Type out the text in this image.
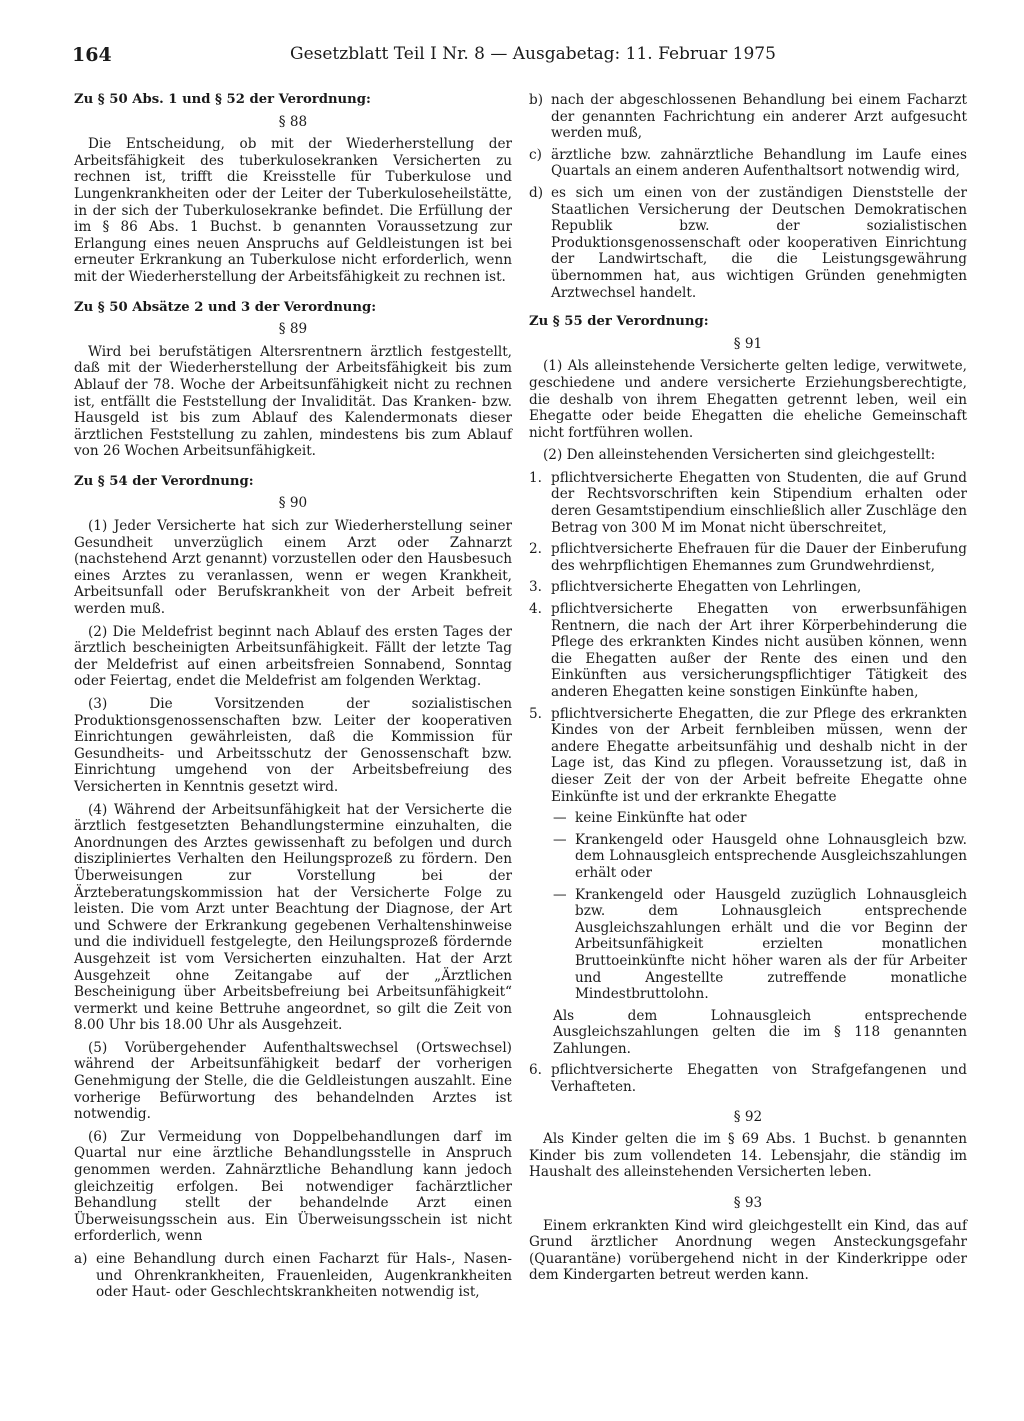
164	Gesetzblatt Teil I Nr. 8 — Ausgabetag: 11. Februar 1975
Zu § 50 Abs. 1 und § 52 der Verordnung:
§ 88

Die Entscheidung, ob mit der Wiederherstellung der Arbeitsfähigkeit des tuberkulosekranken Versicherten zu rechnen ist, trifft die Kreisstelle für Tuberkulose und Lungenkrankheiten oder der Leiter der Tuberkuloseheilstätte, in der sich der Tuberkulosekranke befindet. Die Erfüllung der im § 86 Abs. 1 Buchst. b genannten Voraussetzung zur Erlangung eines neuen Anspruchs auf Geldleistungen ist bei erneuter Erkrankung an Tuberkulose nicht erforderlich, wenn mit der Wiederherstellung der Arbeitsfähigkeit zu rechnen ist.

Zu § 50 Absätze 2 und 3 der Verordnung:
§ 89

Wird bei berufstätigen Altersrentnern ärztlich festgestellt, daß mit der Wiederherstellung der Arbeitsfähigkeit bis zum Ablauf der 78. Woche der Arbeitsunfähigkeit nicht zu rechnen ist, entfällt die Feststellung der Invalidität. Das Kranken- bzw. Hausgeld ist bis zum Ablauf des Kalendermonats dieser ärztlichen Feststellung zu zahlen, mindestens bis zum Ablauf von 26 Wochen Arbeitsunfähigkeit.

Zu § 54 der Verordnung:
§ 90

(1) Jeder Versicherte hat sich zur Wiederherstellung seiner Gesundheit unverzüglich einem Arzt oder Zahnarzt (nachstehend Arzt genannt) vorzustellen oder den Hausbesuch eines Arztes zu veranlassen, wenn er wegen Krankheit, Arbeitsunfall oder Berufskrankheit von der Arbeit befreit werden muß.

(2) Die Meldefrist beginnt nach Ablauf des ersten Tages der ärztlich bescheinigten Arbeitsunfähigkeit. Fällt der letzte Tag der Meldefrist auf einen arbeitsfreien Sonnabend, Sonntag oder Feiertag, endet die Meldefrist am folgenden Werktag.

(3) Die Vorsitzenden der sozialistischen Produktionsgenossenschaften bzw. Leiter der kooperativen Einrichtungen gewährleisten, daß die Kommission für Gesundheits- und Arbeitsschutz der Genossenschaft bzw. Einrichtung umgehend von der Arbeitsbefreiung des Versicherten in Kenntnis gesetzt wird.

(4) Während der Arbeitsunfähigkeit hat der Versicherte die ärztlich festgesetzten Behandlungstermine einzuhalten, die Anordnungen des Arztes gewissenhaft zu befolgen und durch diszipliniertes Verhalten den Heilungsprozeß zu fördern. Den Überweisungen zur Vorstellung bei der Ärzteberatungskommission hat der Versicherte Folge zu leisten. Die vom Arzt unter Beachtung der Diagnose, der Art und Schwere der Erkrankung gegebenen Verhaltenshinweise und die individuell festgelegte, den Heilungsprozeß fördernde Ausgehzeit ist vom Versicherten einzuhalten. Hat der Arzt Ausgehzeit ohne Zeitangabe auf der „Ärztlichen Bescheinigung über Arbeitsbefreiung bei Arbeitsunfähigkeit“ vermerkt und keine Bettruhe angeordnet, so gilt die Zeit von 8.00 Uhr bis 18.00 Uhr als Ausgehzeit.

(5) Vorübergehender Aufenthaltswechsel (Ortswechsel) während der Arbeitsunfähigkeit bedarf der vorherigen Genehmigung der Stelle, die die Geldleistungen auszahlt. Eine vorherige Befürwortung des behandelnden Arztes ist notwendig.

(6) Zur Vermeidung von Doppelbehandlungen darf im Quartal nur eine ärztliche Behandlungsstelle in Anspruch genommen werden. Zahnärztliche Behandlung kann jedoch gleichzeitig erfolgen. Bei notwendiger fachärztlicher Behandlung stellt der behandelnde Arzt einen Überweisungsschein aus. Ein Überweisungsschein ist nicht erforderlich, wenn

a) eine Behandlung durch einen Facharzt für Hals-, Nasen- und Ohrenkrankheiten, Frauenleiden, Augenkrankheiten oder Haut- oder Geschlechtskrankheiten notwendig ist,
b) nach der abgeschlossenen Behandlung bei einem Facharzt der genannten Fachrichtung ein anderer Arzt aufgesucht werden muß,
c) ärztliche bzw. zahnärztliche Behandlung im Laufe eines Quartals an einem anderen Aufenthaltsort notwendig wird,
d) es sich um einen von der zuständigen Dienststelle der Staatlichen Versicherung der Deutschen Demokratischen Republik bzw. der sozialistischen Produktionsgenossenschaft oder kooperativen Einrichtung der Landwirtschaft, die die Leistungsgewährung übernommen hat, aus wichtigen Gründen genehmigten Arztwechsel handelt.
Zu § 55 der Verordnung:
§ 91

(1) Als alleinstehende Versicherte gelten ledige, verwitwete, geschiedene und andere versicherte Erziehungsberechtigte, die deshalb von ihrem Ehegatten getrennt leben, weil ein Ehegatte oder beide Ehegatten die eheliche Gemeinschaft nicht fortführen wollen.

(2) Den alleinstehenden Versicherten sind gleichgestellt:

1. pflichtversicherte Ehegatten von Studenten, die auf Grund der Rechtsvorschriften kein Stipendium erhalten oder deren Gesamtstipendium einschließlich aller Zuschläge den Betrag von 300 M im Monat nicht überschreitet,
2. pflichtversicherte Ehefrauen für die Dauer der Einberufung des wehrpflichtigen Ehemannes zum Grundwehrdienst,
3. pflichtversicherte Ehegatten von Lehrlingen,
4. pflichtversicherte Ehegatten von erwerbsunfähigen Rentnern, die nach der Art ihrer Körperbehinderung die Pflege des erkrankten Kindes nicht ausüben können, wenn die Ehegatten außer der Rente des einen und den Einkünften aus versicherungspflichtiger Tätigkeit des anderen Ehegatten keine sonstigen Einkünfte haben,
5. pflichtversicherte Ehegatten, die zur Pflege des erkrankten Kindes von der Arbeit fernbleiben müssen, wenn der andere Ehegatte arbeitsunfähig und deshalb nicht in der Lage ist, das Kind zu pflegen. Voraussetzung ist, daß in dieser Zeit der von der Arbeit befreite Ehegatte ohne Einkünfte ist und der erkrankte Ehegatte
— keine Einkünfte hat oder
— Krankengeld oder Hausgeld ohne Lohnausgleich bzw. dem Lohnausgleich entsprechende Ausgleichszahlungen erhält oder
— Krankengeld oder Hausgeld zuzüglich Lohnausgleich bzw. dem Lohnausgleich entsprechende Ausgleichszahlungen erhält und die vor Beginn der Arbeitsunfähigkeit erzielten monatlichen Bruttoeinkünfte nicht höher waren als der für Arbeiter und Angestellte zutreffende monatliche Mindestbruttolohn.
Als dem Lohnausgleich entsprechende Ausgleichszahlungen gelten die im § 118 genannten Zahlungen.
6. pflichtversicherte Ehegatten von Strafgefangenen und Verhafteten.
§ 92

Als Kinder gelten die im § 69 Abs. 1 Buchst. b genannten Kinder bis zum vollendeten 14. Lebensjahr, die ständig im Haushalt des alleinstehenden Versicherten leben.

§ 93

Einem erkrankten Kind wird gleichgestellt ein Kind, das auf Grund ärztlicher Anordnung wegen Ansteckungsgefahr (Quarantäne) vorübergehend nicht in der Kinderkrippe oder dem Kindergarten betreut werden kann.
